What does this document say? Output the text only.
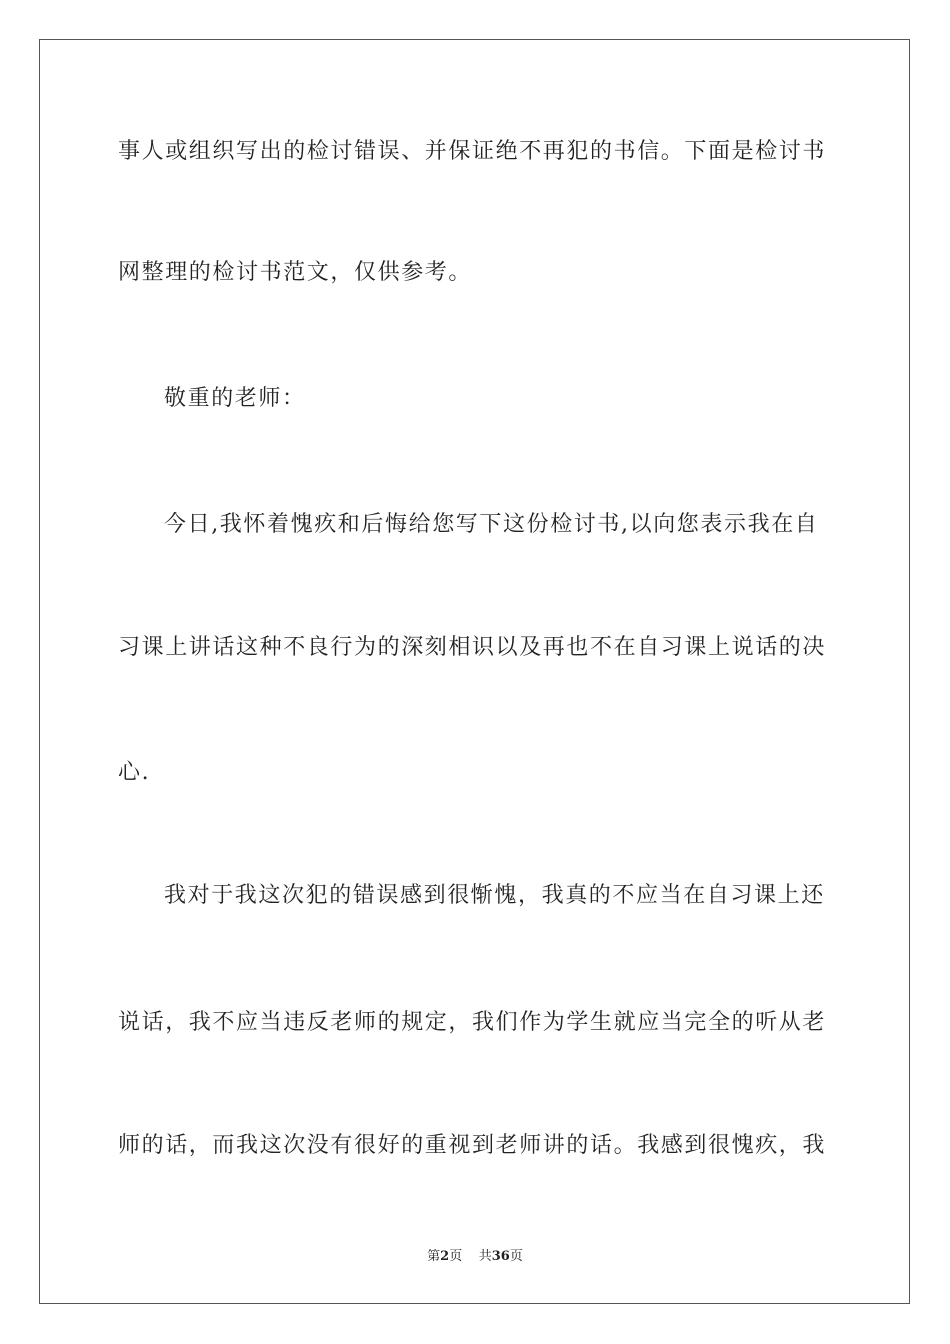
事人或组织写出的检讨错误、并保证绝不再犯的书信。下面是检讨书
网整理的检讨书范文，仅供参考。
敬重的老师：
今日,我怀着愧疚和后悔给您写下这份检讨书,以向您表示我在自
习课上讲话这种不良行为的深刻相识以及再也不在自习课上说话的决
心.
我对于我这次犯的错误感到很惭愧，我真的不应当在自习课上还
说话，我不应当违反老师的规定，我们作为学生就应当完全的听从老
师的话，而我这次没有很好的重视到老师讲的话。我感到很愧疚，我
第2页 共36页
